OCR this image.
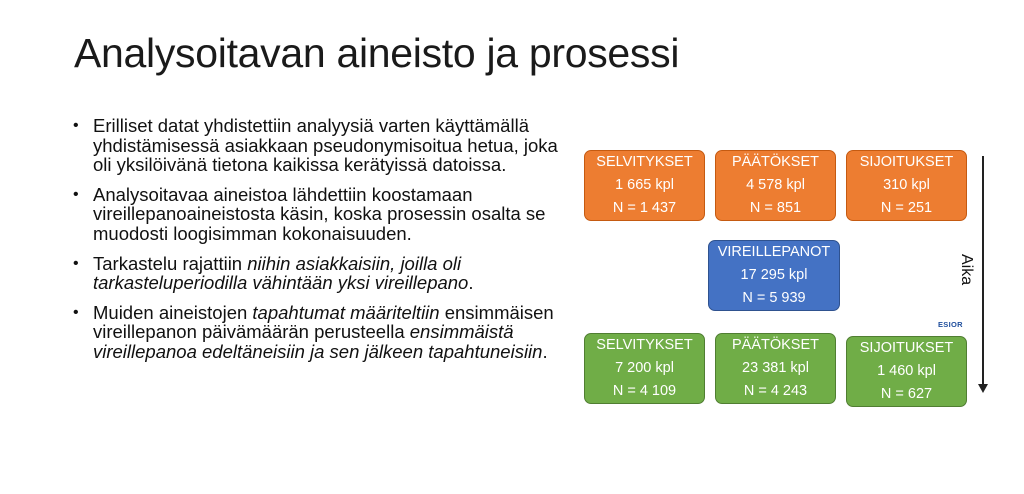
Analysoitavan aineisto ja prosessi
• Erilliset datat yhdistettiin analyysiä varten käyttämällä yhdistämisessä asiakkaan pseudonymisoitua hetua, joka oli yksilöivänä tietona kaikissa kerätyissä datoissa.
• Analysoitavaa aineistoa lähdettiin koostamaan vireillepanoaineistosta käsin, koska prosessin osalta se muodosti loogisimman kokonaisuuden.
• Tarkastelu rajattiin niihin asiakkaisiin, joilla oli tarkasteluperiodilla vähintään yksi vireillepano.
• Muiden aineistojen tapahtumat määriteltiin ensimmäisen vireillepanon päivämäärän perusteella ensimmäistä vireillepanoa edeltäneisiin ja sen jälkeen tapahtuneisiin.
SELVITYKSET
1 665 kpl
N = 1 437
PÄÄTÖKSET
4 578 kpl
N = 851
SIJOITUKSET
310 kpl
N = 251
VIREILLEPANOT
17 295 kpl
N = 5 939
SELVITYKSET
7 200 kpl
N = 4 109
PÄÄTÖKSET
23 381 kpl
N = 4 243
SIJOITUKSET
1 460 kpl
N = 627
ESIOR
Aika
